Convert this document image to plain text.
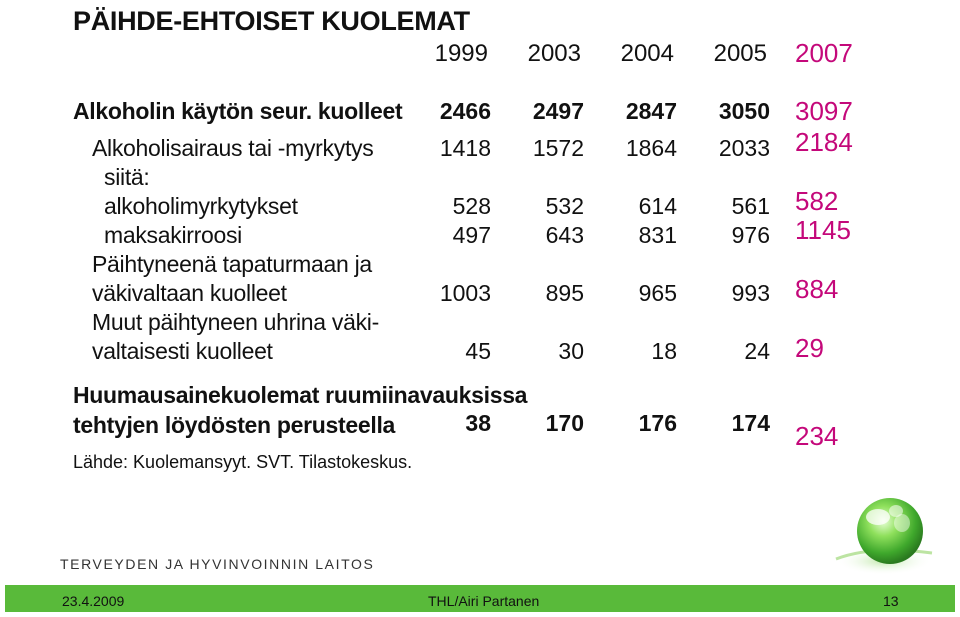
PÄIHDE-EHTOISET KUOLEMAT
1999	2003	2004	2005 2007
Alkoholin käytön seur. kuolleet	2466	2497	2847	3050 3097
Alkoholisairaus tai -myrkytys	1418	1572	1864	2033 2184
siitä:
alkoholimyrkytykset	528	532	614	561 582
maksakirroosi	497	643	831	976 1145
Päihtyneenä tapaturmaan ja
väkivaltaan kuolleet	1003	895	965	993 884
Muut päihtyneen uhrina väki-
valtaisesti kuolleet	45	30	18	24 29
Huumausainekuolemat ruumiinavauksissa
tehtyjen löydösten perusteella	38	170	176	174 234
Lähde: Kuolemansyyt. SVT. Tilastokeskus.
TERVEYDEN JA HYVINVOINNIN LAITOS
23.4.2009	THL/Airi Partanen	13
